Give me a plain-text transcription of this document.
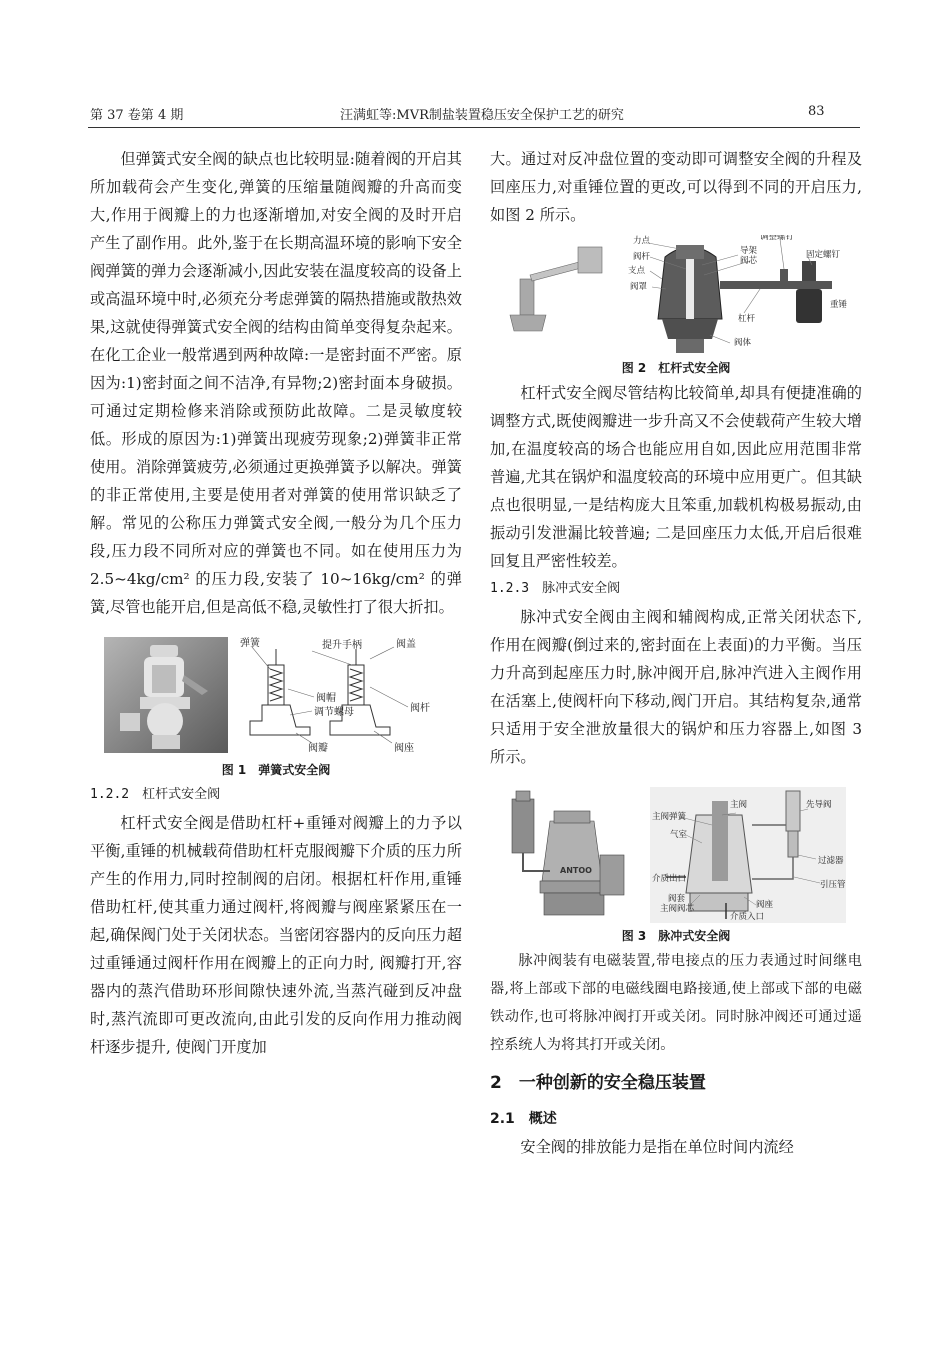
第 37 卷第 4 期	汪满虹等:MVR制盐装置稳压安全保护工艺的研究	83

但弹簧式安全阀的缺点也比较明显:随着阀的开启其所加载荷会产生变化,弹簧的压缩量随阀瓣的升高而变大,作用于阀瓣上的力也逐渐增加,对安全阀的及时开启产生了副作用。此外,鉴于在长期高温环境的影响下安全阀弹簧的弹力会逐渐减小,因此安装在温度较高的设备上或高温环境中时,必须充分考虑弹簧的隔热措施或散热效果,这就使得弹簧式安全阀的结构由简单变得复杂起来。在化工企业一般常遇到两种故障:一是密封面不严密。原因为:1)密封面之间不洁净,有异物;2)密封面本身破损。可通过定期检修来消除或预防此故障。二是灵敏度较低。形成的原因为:1)弹簧出现疲劳现象;2)弹簧非正常使用。消除弹簧疲劳,必须通过更换弹簧予以解决。弹簧的非正常使用,主要是使用者对弹簧的使用常识缺乏了解。常见的公称压力弹簧式安全阀,一般分为几个压力段,压力段不同所对应的弹簧也不同。如在使用压力为 2.5~4kg/cm² 的压力段,安装了 10~16kg/cm² 的弹簧,尽管也能开启,但是高低不稳,灵敏性打了很大折扣。

弹簧	提升手柄	阀盖
阀帽
调节螺母	阀杆
阀瓣	阀座
图 1　弹簧式安全阀
1.2.2　杠杆式安全阀

杠杆式安全阀是借助杠杆+重锤对阀瓣上的力予以平衡,重锤的机械载荷借助杠杆克服阀瓣下介质的压力所产生的作用力,同时控制阀的启闭。根据杠杆作用,重锤借助杠杆,使其重力通过阀杆,将阀瓣与阀座紧紧压在一起,确保阀门处于关闭状态。当密闭容器内的反向压力超过重锤通过阀杆作用在阀瓣上的正向力时, 阀瓣打开,容器内的蒸汽借助环形间隙快速外流,当蒸汽碰到反冲盘时,蒸汽流即可更改流向,由此引发的反向作用力推动阀杆逐步提升, 使阀门开度加

大。通过对反冲盘位置的变动即可调整安全阀的升程及回座压力,对重锤位置的更改,可以得到不同的开启压力,如图 2 所示。

力点
阀杆
支点
阀罩
导架
阀芯
调整螺钉
固定螺钉
杠杆
重锤
阀体
图 2　杠杆式安全阀

杠杆式安全阀尽管结构比较简单,却具有便捷准确的调整方式,既使阀瓣进一步升高又不会使载荷产生较大增加,在温度较高的场合也能应用自如,因此应用范围非常普遍,尤其在锅炉和温度较高的环境中应用更广。但其缺点也很明显,一是结构庞大且笨重,加载机构极易振动,由振动引发泄漏比较普遍; 二是回座压力太低,开启后很难回复且严密性较差。

1.2.3　脉冲式安全阀

脉冲式安全阀由主阀和辅阀构成,正常关闭状态下,作用在阀瓣(倒过来的,密封面在上表面)的力平衡。当压力升高到起座压力时,脉冲阀开启,脉冲汽进入主阀作用在活塞上,使阀杆向下移动,阀门开启。其结构复杂,通常只适用于安全泄放量很大的锅炉和压力容器上,如图 3 所示。

ANTOO
主阀弹簧
主阀
气室
先导阀
过滤器
介质出口
阀套
主阀阀芯	阀座
引压管
介质入口
图 3　脉冲式安全阀

脉冲阀装有电磁装置,带电接点的压力表通过时间继电器,将上部或下部的电磁线圈电路接通,使上部或下部的电磁铁动作,也可将脉冲阀打开或关闭。同时脉冲阀还可通过遥控系统人为将其打开或关闭。

2　一种创新的安全稳压装置
2.1　概述

安全阀的排放能力是指在单位时间内流经
